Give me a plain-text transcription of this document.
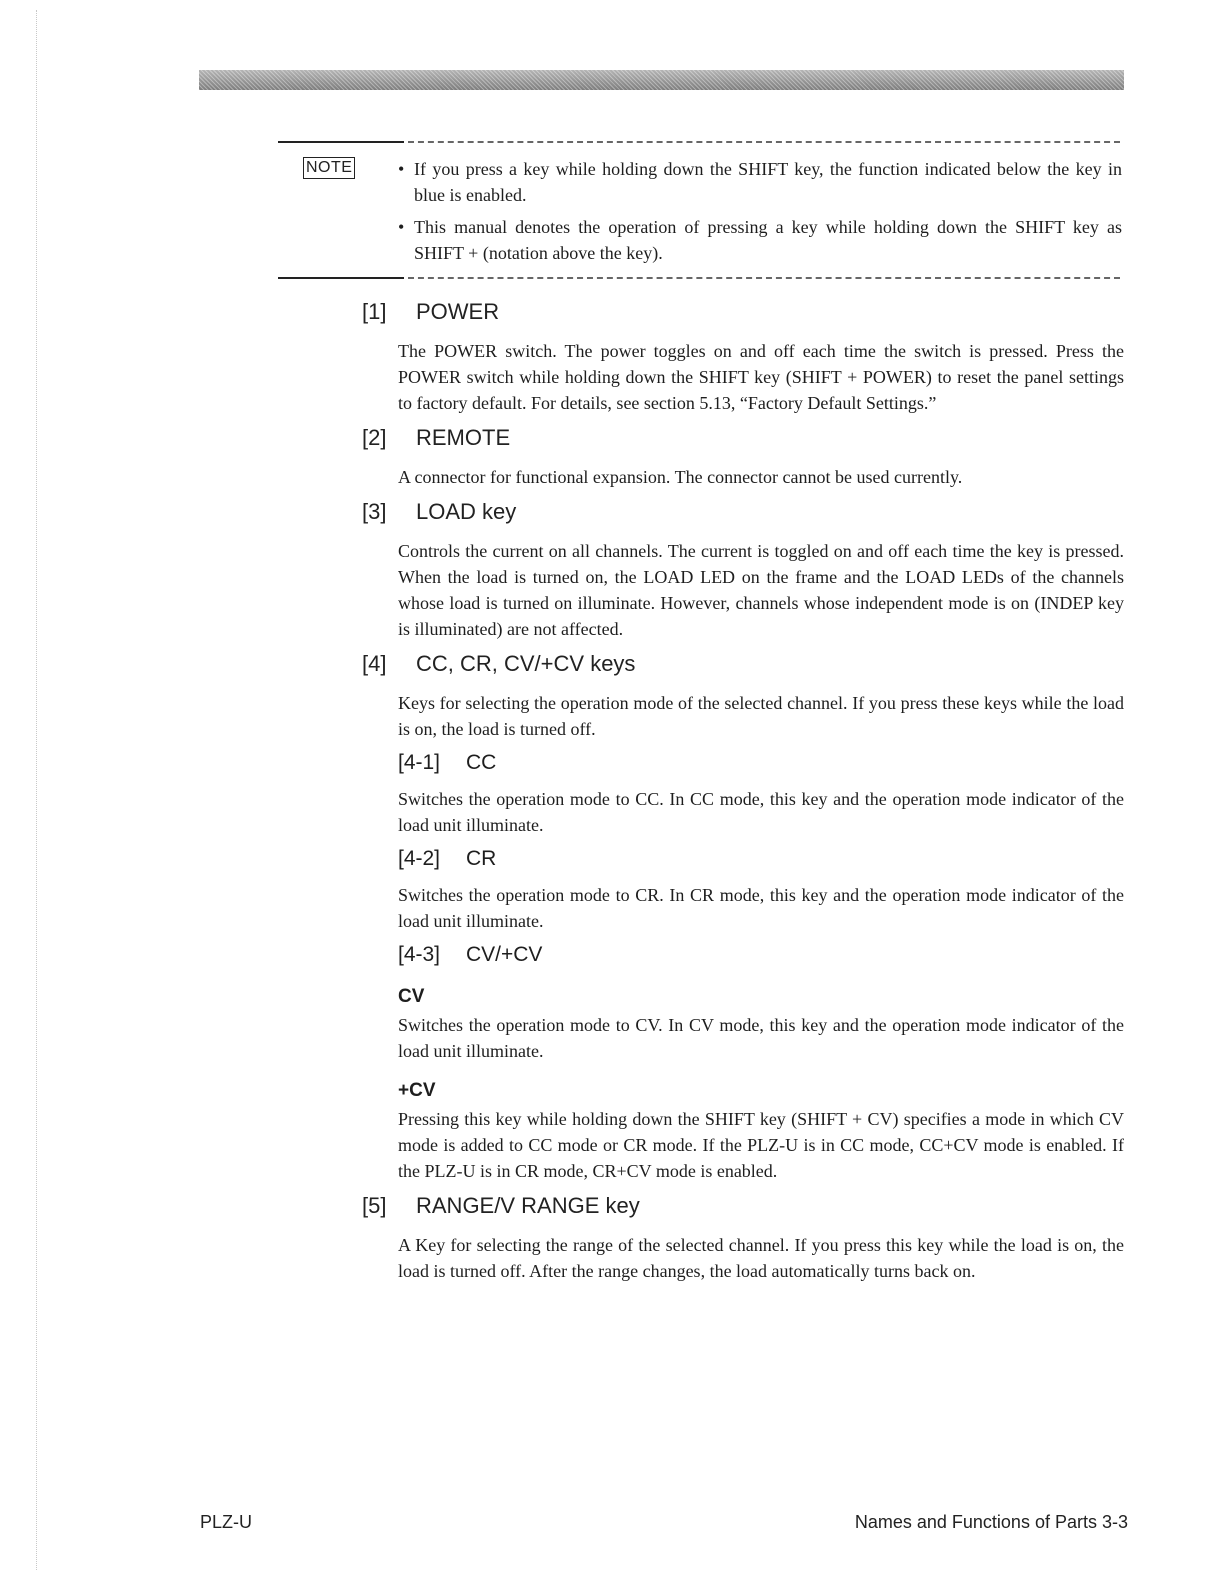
NOTE	• If you press a key while holding down the SHIFT key, the function indicated below the key in blue is enabled.
• This manual denotes the operation of pressing a key while holding down the SHIFT key as SHIFT + (notation above the key).
[1]	POWER

The POWER switch. The power toggles on and off each time the switch is pressed. Press the POWER switch while holding down the SHIFT key (SHIFT + POWER) to reset the panel settings to factory default. For details, see section 5.13, “Factory Default Settings.”

[2]	REMOTE

A connector for functional expansion. The connector cannot be used currently.

[3]	LOAD key

Controls the current on all channels. The current is toggled on and off each time the key is pressed. When the load is turned on, the LOAD LED on the frame and the LOAD LEDs of the channels whose load is turned on illuminate. However, channels whose independent mode is on (INDEP key is illuminated) are not affected.

[4]	CC, CR, CV/+CV keys

Keys for selecting the operation mode of the selected channel. If you press these keys while the load is on, the load is turned off.

[4-1]	CC

Switches the operation mode to CC. In CC mode, this key and the operation mode indicator of the load unit illuminate.

[4-2]	CR

Switches the operation mode to CR. In CR mode, this key and the operation mode indicator of the load unit illuminate.

[4-3]	CV/+CV
CV

Switches the operation mode to CV. In CV mode, this key and the operation mode indicator of the load unit illuminate.

+CV

Pressing this key while holding down the SHIFT key (SHIFT + CV) specifies a mode in which CV mode is added to CC mode or CR mode. If the PLZ-U is in CC mode, CC+CV mode is enabled. If the PLZ-U is in CR mode, CR+CV mode is enabled.

[5]	RANGE/V RANGE key

A Key for selecting the range of the selected channel. If you press this key while the load is on, the load is turned off. After the range changes, the load automatically turns back on.

PLZ-U	Names and Functions of Parts 3-3
